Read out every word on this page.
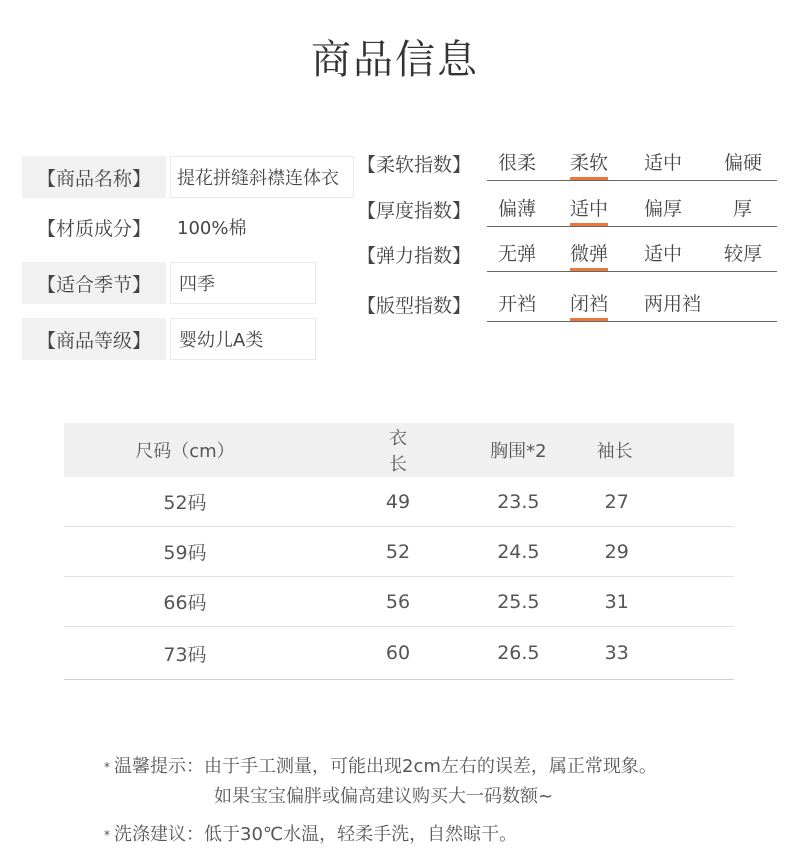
商品信息
【商品名称】	提花拼缝斜襟连体衣
【材质成分】	100%棉
【适合季节】	四季
【商品等级】	婴幼儿A类
【柔软指数】 很柔 柔软 适中 偏硬
【厚度指数】 偏薄 适中 偏厚	厚
【弹力指数】 无弹 微弹 适中 较厚
【版型指数】 开裆 闭裆 两用裆
尺码（cm）	衣长	胸围*2	袖长
52码	49	23.5	27
59码	52	24.5	29
66码	56	25.5	31
73码	60	26.5	33
* 温馨提示：由于手工测量，可能出现2cm左右的误差，属正常现象。
如果宝宝偏胖或偏高建议购买大一码数额~
* 洗涤建议：低于30℃水温，轻柔手洗，自然晾干。
